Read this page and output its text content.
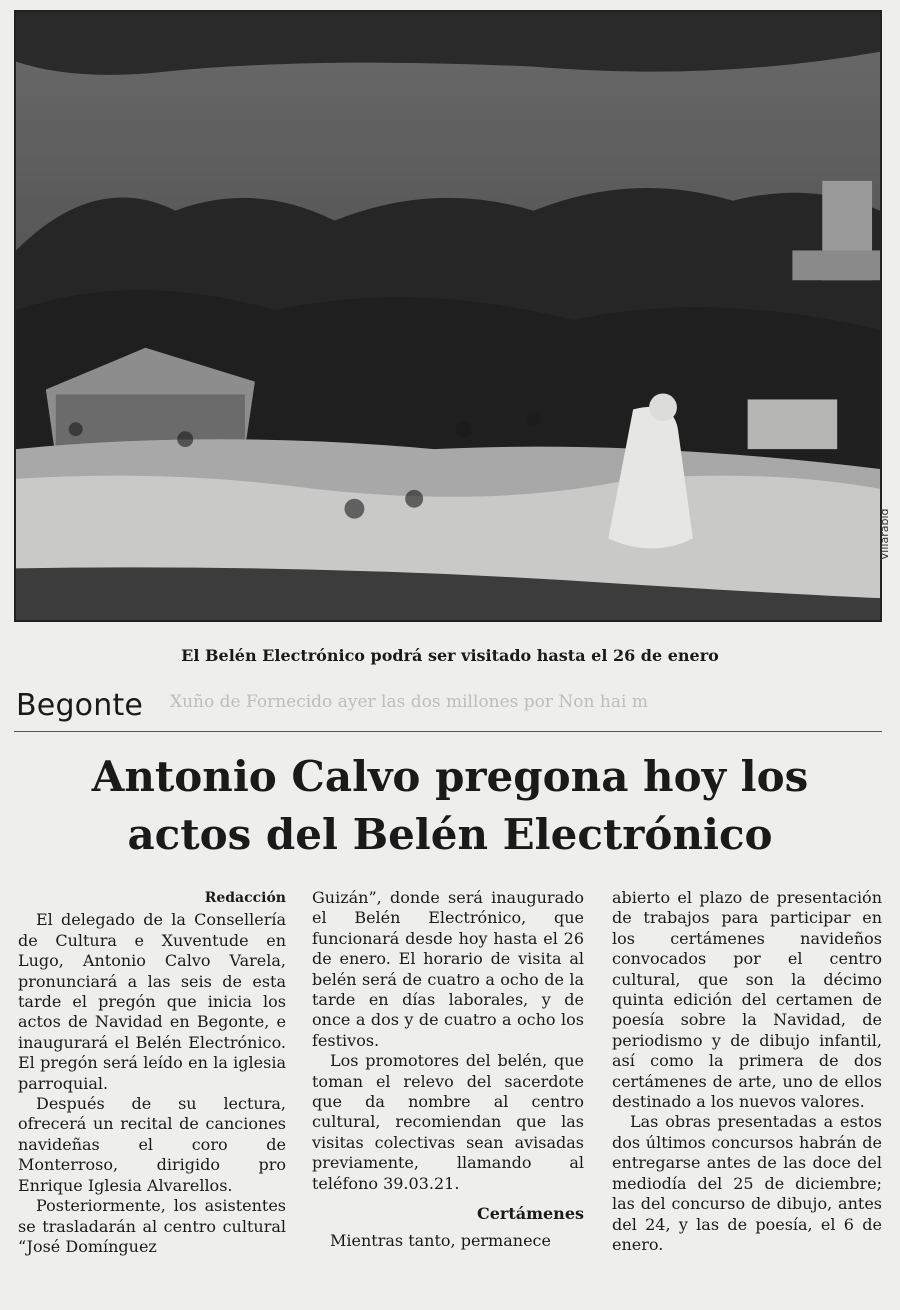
Villarabid
El Belén Electrónico podrá ser visitado hasta el 26 de enero
Xuño de Fornecido ayer las dos millones por Non hai m
Begonte
Antonio Calvo pregona hoy los
actos del Belén Electrónico

Redacción

El delegado de la Consellería de Cultura e Xuventude en Lugo, Antonio Calvo Varela, pronunciará a las seis de esta tarde el pregón que inicia los actos de Navidad en Begonte, e inaugurará el Belén Electrónico. El pregón será leído en la iglesia parroquial.

Después de su lectura, ofrecerá un recital de canciones navideñas el coro de Monterroso, dirigido pro Enrique Iglesia Alvarellos.

Posteriormente, los asistentes se trasladarán al centro cultural “José Domínguez

Guizán”, donde será inaugurado el Belén Electrónico, que funcionará desde hoy hasta el 26 de enero. El horario de visita al belén será de cuatro a ocho de la tarde en días laborales, y de once a dos y de cuatro a ocho los festivos.

Los promotores del belén, que toman el relevo del sacerdote que da nombre al centro cultural, recomiendan que las visitas colectivas sean avisadas previamente, llamando al teléfono 39.03.21.

Certámenes

Mientras tanto, permanece

abierto el plazo de presentación de trabajos para participar en los certámenes navideños convocados por el centro cultural, que son la décimo quinta edición del certamen de poesía sobre la Navidad, de periodismo y de dibujo infantil, así como la primera de dos certámenes de arte, uno de ellos destinado a los nuevos valores.

Las obras presentadas a estos dos últimos concursos habrán de entregarse antes de las doce del mediodía del 25 de diciembre; las del concurso de dibujo, antes del 24, y las de poesía, el 6 de enero.
